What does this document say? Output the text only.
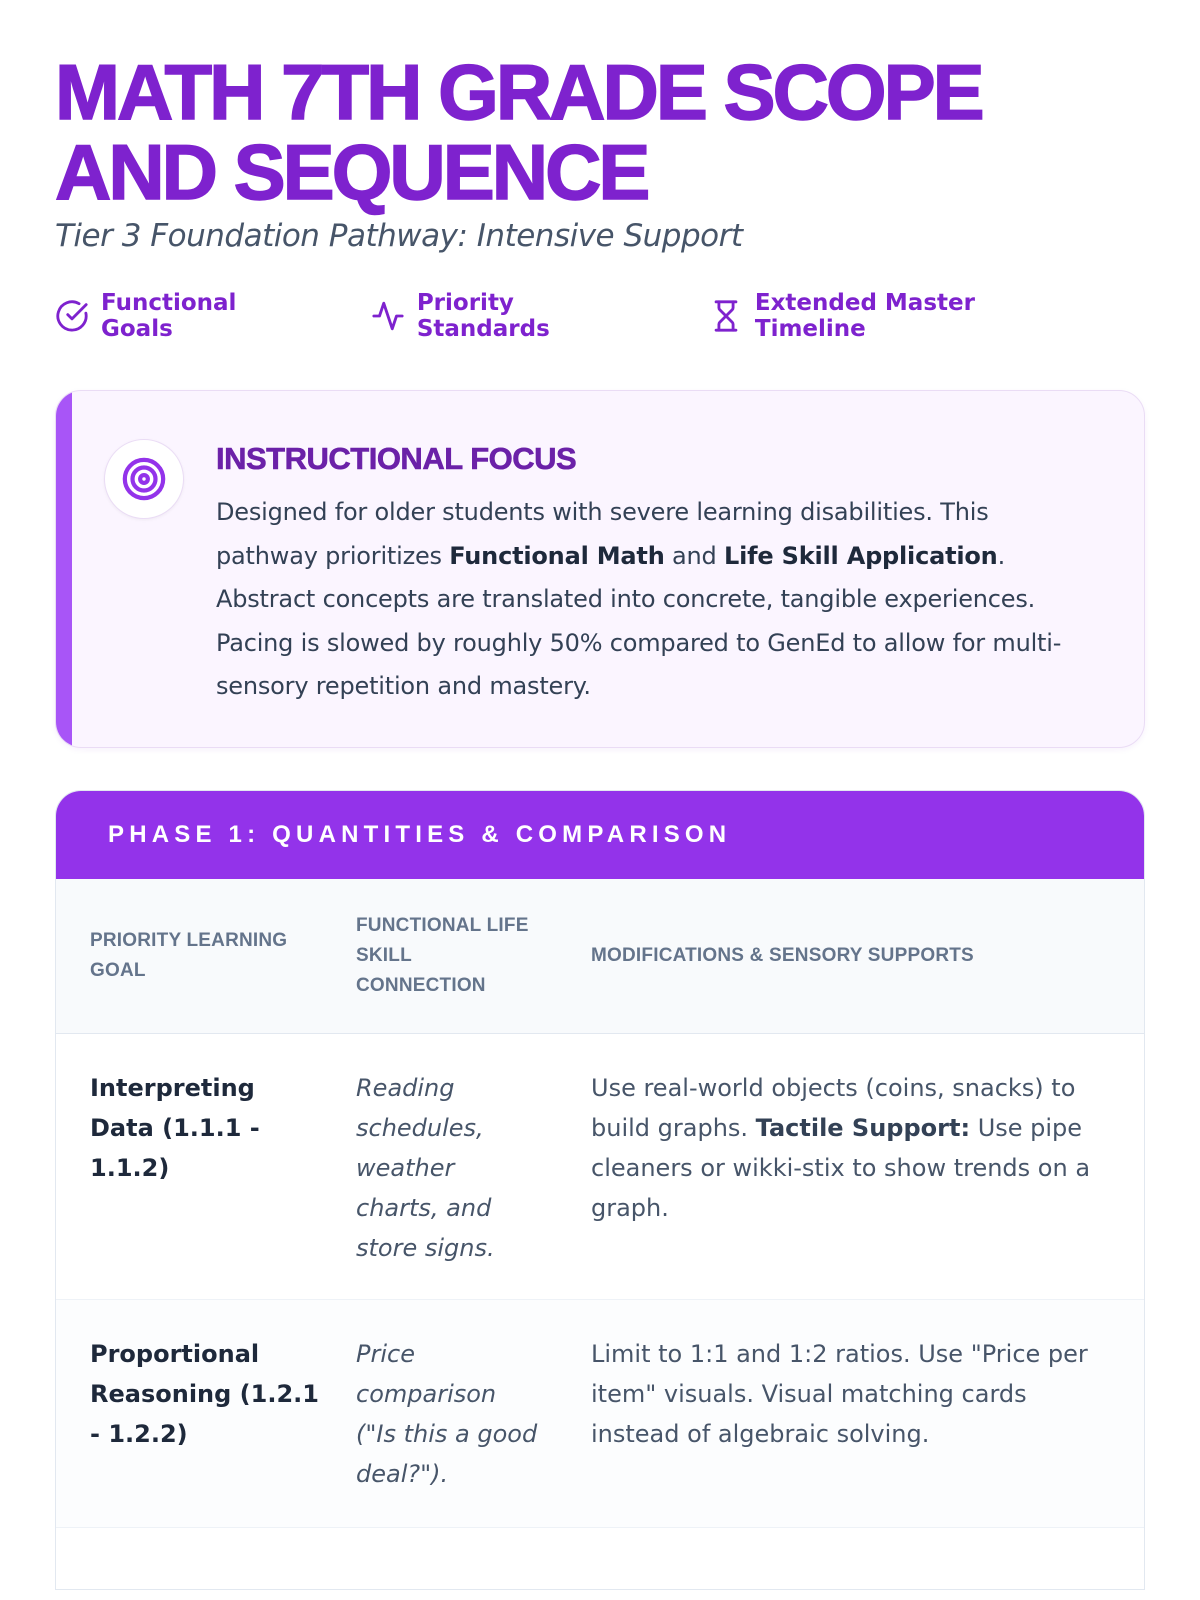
MATH 7TH GRADE SCOPE AND SEQUENCE
Tier 3 Foundation Pathway: Intensive Support
Functional Goals
Priority Standards
Extended Master Timeline
INSTRUCTIONAL FOCUS

Designed for older students with severe learning disabilities. This pathway prioritizes Functional Math and Life Skill Application. Abstract concepts are translated into concrete, tangible experiences. Pacing is slowed by roughly 50% compared to GenEd to allow for multi-sensory repetition and mastery.

PHASE 1: QUANTITIES & COMPARISON
PRIORITY LEARNING GOAL	FUNCTIONAL LIFE SKILL CONNECTION	MODIFICATIONS & SENSORY SUPPORTS
Interpreting Data (1.1.1 - 1.1.2)	Reading schedules, weather charts, and store signs.	Use real-world objects (coins, snacks) to build graphs. Tactile Support: Use pipe cleaners or wikki-stix to show trends on a graph.
Proportional Reasoning (1.2.1 - 1.2.2)	Price comparison ("Is this a good deal?").	Limit to 1:1 and 1:2 ratios. Use "Price per item" visuals. Visual matching cards instead of algebraic solving.
